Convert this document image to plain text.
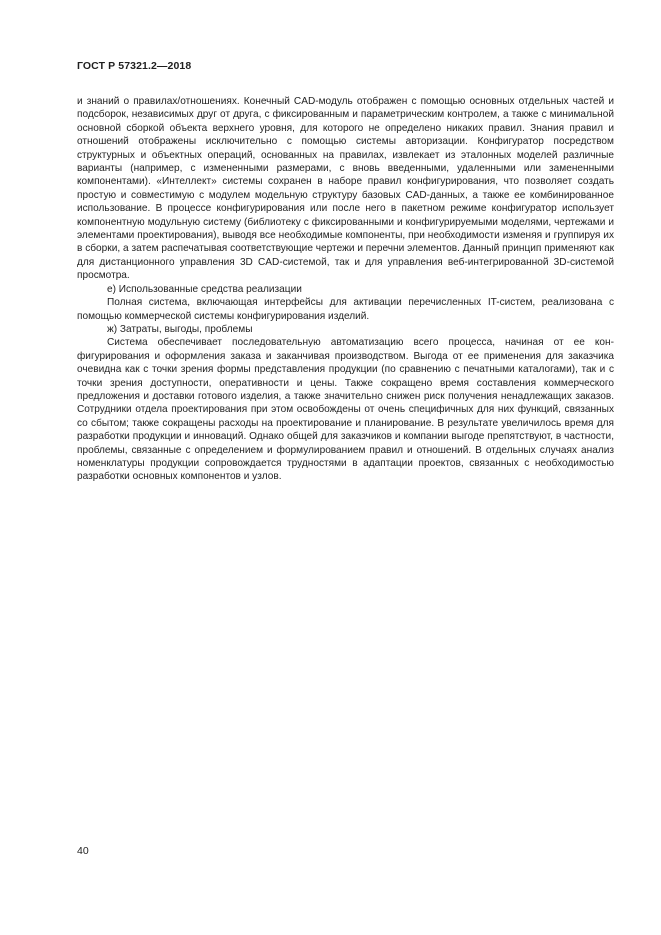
ГОСТ Р 57321.2—2018

и знаний о правилах/отношениях. Конечный CAD-модуль отображен с помощью основных отдельных частей и подсборок, независимых друг от друга, с фиксированным и параметрическим контролем, а также с минимальной основной сборкой объекта верхнего уровня, для которого не определено никаких правил. Знания правил и отношений отображены исключительно с помощью системы авторизации. Конфигуратор посредством структурных и объектных операций, основанных на правилах, извлекает из эталонных моделей различные варианты (например, с измененными размерами, с вновь введенными, удаленными или замененными компонентами). «Интеллект» системы сохранен в наборе правил конфигурирования, что позволяет создать простую и совместимую с модулем модельную структуру базовых CAD-данных, а также ее комбинированное использование. В процессе конфигурирования или после него в пакетном режиме конфигуратор использует компонентную модульную систему (библиотеку с фиксированными и конфигурируемыми моделями, чертежами и элементами проектирования), выводя все необходимые компоненты, при необходимости изменяя и группируя их в сборки, а затем распечатывая соответствующие чертежи и перечни элементов. Данный принцип применяют как для дистанционного управления 3D CAD-системой, так и для управления веб-интегрированной 3D-системой просмотра.

е) Использованные средства реализации

Полная система, включающая интерфейсы для активации перечисленных IT-систем, реализована с помощью коммерческой системы конфигурирования изделий.

ж) Затраты, выгоды, проблемы

Система обеспечивает последовательную автоматизацию всего процесса, начиная от ее конфигурирования и оформления заказа и заканчивая производством. Выгода от ее применения для заказчика очевидна как с точки зрения формы представления продукции (по сравнению с печатными каталогами), так и с точки зрения доступности, оперативности и цены. Также сокращено время составления коммерческого предложения и доставки готового изделия, а также значительно снижен риск получения ненадлежащих заказов. Сотрудники отдела проектирования при этом освобождены от очень специфичных для них функций, связанных со сбытом; также сокращены расходы на проектирование и планирование. В результате увеличилось время для разработки продукции и инноваций. Однако общей для заказчиков и компании выгоде препятствуют, в частности, проблемы, связанные с определением и формулированием правил и отношений. В отдельных случаях анализ номенклатуры продукции сопровождается трудностями в адаптации проектов, связанных с необходимостью разработки основных компонентов и узлов.

40
